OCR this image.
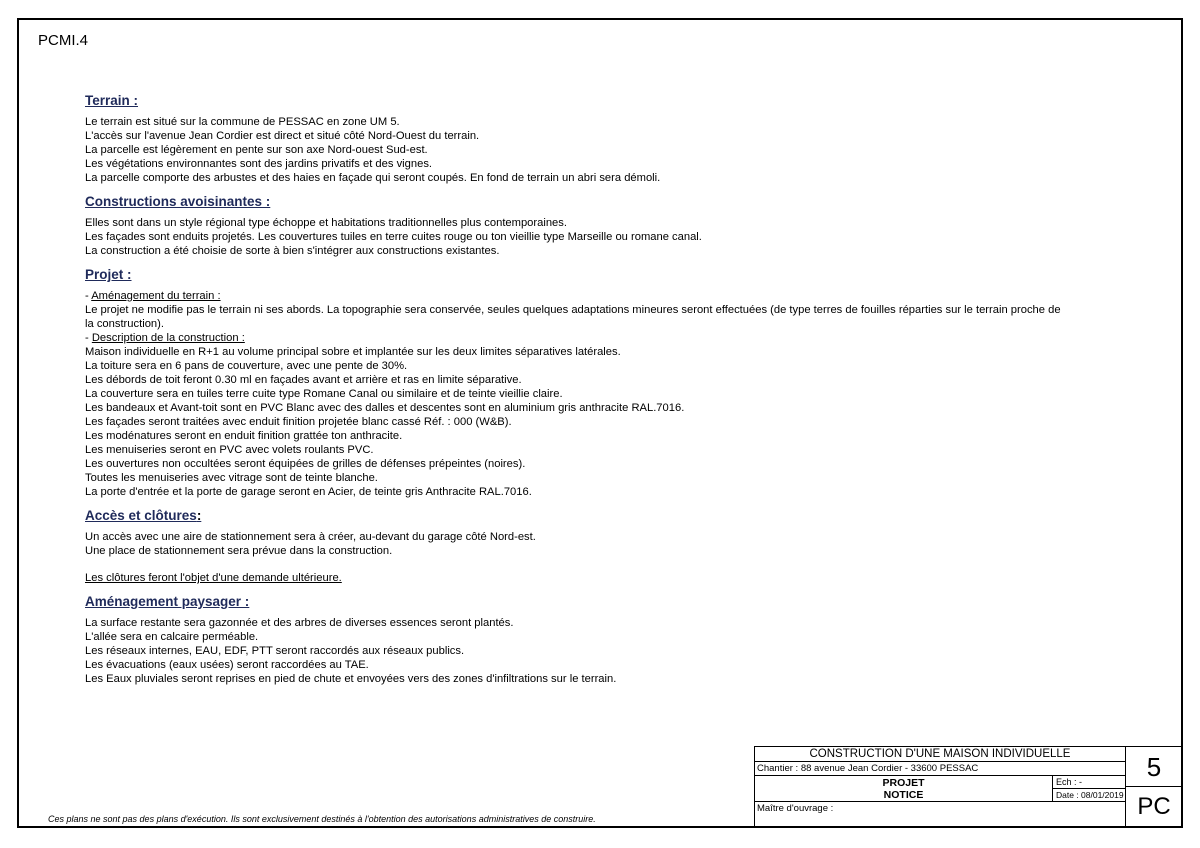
PCMI.4
Terrain :
Le terrain est situé sur la commune de PESSAC en zone UM 5.
L'accès sur l'avenue Jean Cordier est direct et situé côté Nord-Ouest du terrain.
La parcelle est légèrement en pente sur son axe Nord-ouest Sud-est.
Les végétations environnantes sont des jardins privatifs et des vignes.
La parcelle comporte des arbustes et des haies en façade qui seront coupés. En fond de terrain un abri sera démoli.
Constructions avoisinantes :
Elles sont dans un style régional type échoppe et habitations traditionnelles plus contemporaines.
Les façades sont enduits projetés. Les couvertures tuiles en terre cuites rouge ou ton vieillie type Marseille ou romane canal.
La construction a été choisie de sorte à bien s'intégrer aux constructions existantes.
Projet :
- Aménagement du terrain :
Le projet ne modifie pas le terrain ni ses abords. La topographie sera conservée, seules quelques adaptations mineures seront effectuées (de type terres de fouilles réparties sur le terrain proche de
la construction).
- Description de la construction :
Maison individuelle en R+1 au volume principal sobre et implantée sur les deux limites séparatives latérales.
La toiture sera en 6 pans de couverture, avec une pente de 30%.
Les débords de toit feront 0.30 ml en façades avant et arrière et ras en limite séparative.
La couverture sera en tuiles terre cuite type Romane Canal ou similaire et de teinte vieillie claire.
Les bandeaux et Avant-toit sont en PVC Blanc avec des dalles et descentes sont en aluminium gris anthracite RAL.7016.
Les façades seront traitées avec enduit finition projetée blanc cassé Réf. : 000 (W&B).
Les modénatures seront en enduit finition grattée ton anthracite.
Les menuiseries seront en PVC avec volets roulants PVC.
Les ouvertures non occultées seront équipées de grilles de défenses prépeintes (noires).
Toutes les menuiseries avec vitrage sont de teinte blanche.
La porte d'entrée et la porte de garage seront en Acier, de teinte gris Anthracite RAL.7016.
Accès et clôtures:
Un accès avec une aire de stationnement sera à créer, au-devant du garage côté Nord-est.
Une place de stationnement sera prévue dans la construction.
Les clôtures feront l'objet d'une demande ultérieure.
Aménagement paysager :
La surface restante sera gazonnée et des arbres de diverses essences seront plantés.
L'allée sera en calcaire perméable.
Les réseaux internes, EAU, EDF, PTT seront raccordés aux réseaux publics.
Les évacuations (eaux usées) seront raccordées au TAE.
Les Eaux pluviales seront reprises en pied de chute et envoyées vers des zones d'infiltrations sur le terrain.
Ces plans ne sont pas des plans d'exécution. Ils sont exclusivement destinés à l'obtention des autorisations administratives de construire.
CONSTRUCTION D'UNE MAISON INDIVIDUELLE
Chantier : 88 avenue Jean Cordier - 33600 PESSAC
PROJET
NOTICE
Ech : -
Date : 08/01/2019
Maître d'ouvrage :
5
PC
